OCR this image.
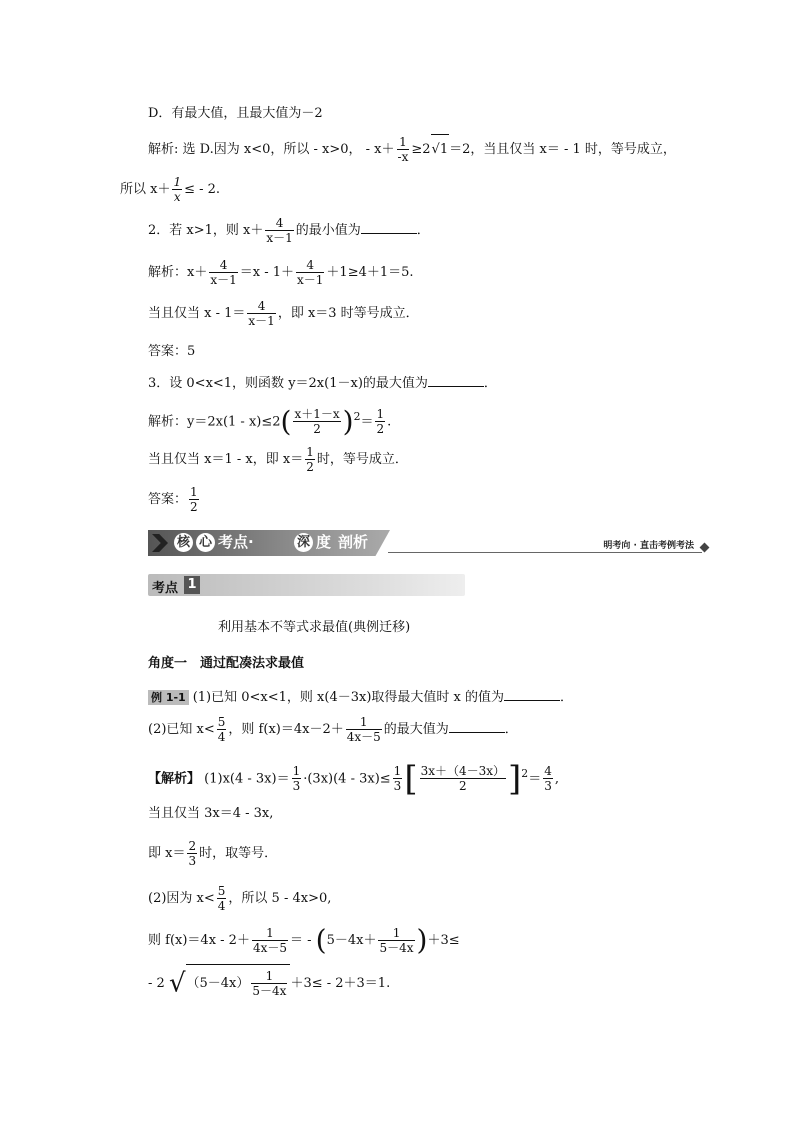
D．有最大值，且最大值为－2
解析: 选 D.因为 x<0，所以 - x>0， - $x+ \frac{1}{-x} \ge 2√1=2$，当且仅当 x＝ - 1 时，等号成立，
所以 $x+ \frac{1}{x}$ ≤ - 2.
2．若 x>1，则 $x+ \frac{4}{x-1}$ 的最小值为	．
解析：$x+ \frac{4}{x-1} =x - 1+ \frac{4}{x-1} +1\ge 4+1=5$.
当且仅当 $x - 1= \frac{4}{x-1}$ ，即 x＝3 时等号成立．
答案：5
3．设 0<x<1，则函数 y＝2x(1－x)的最大值为	．
解析：$y=2x(1 - x)\le 2( \frac{x+1-x}{2} )^2= \frac{1}{2}$ .
当且仅当 x＝1 - x，即 $x= \frac{1}{2}$ 时，等号成立．
答案： $\frac{1}{2}$
核 心 考点·	深 度 剖析	明考向 · 直击考例考法
考点 1
利用基本不等式求最值(典例迁移)
角度一　通过配凑法求最值
例 1-1 (1)已知 0<x<1，则 x(4－3x)取得最大值时 x 的值为	．
(2)已知 $x< \frac{5}{4}$ ，则 $f(x)=4x-2+ \frac{1}{4x-5}$ 的最大值为	．
【解析】 $(1)x(4 - 3x)= \frac{1}{3} \cdot(3x)(4 - 3x)\le \frac{1}{3}$ [ $\frac{3x+(4-3x)}{2} ]^2= \frac{4}{3}$ ,
当且仅当 3x＝4 - 3x,
即 $x= \frac{2}{3}$ 时，取等号．
(2)因为 $x< \frac{5}{4}$ ，所以 5 - 4x>0,
则 $f(x)=4x - 2+ \frac{1}{4x-5}$ ＝ - $(5-4x+ \frac{1}{5-4x} )+3\le$
- 2 $√(5-4x) \frac{1}{5-4x} +3\le - 2+3=1$.
